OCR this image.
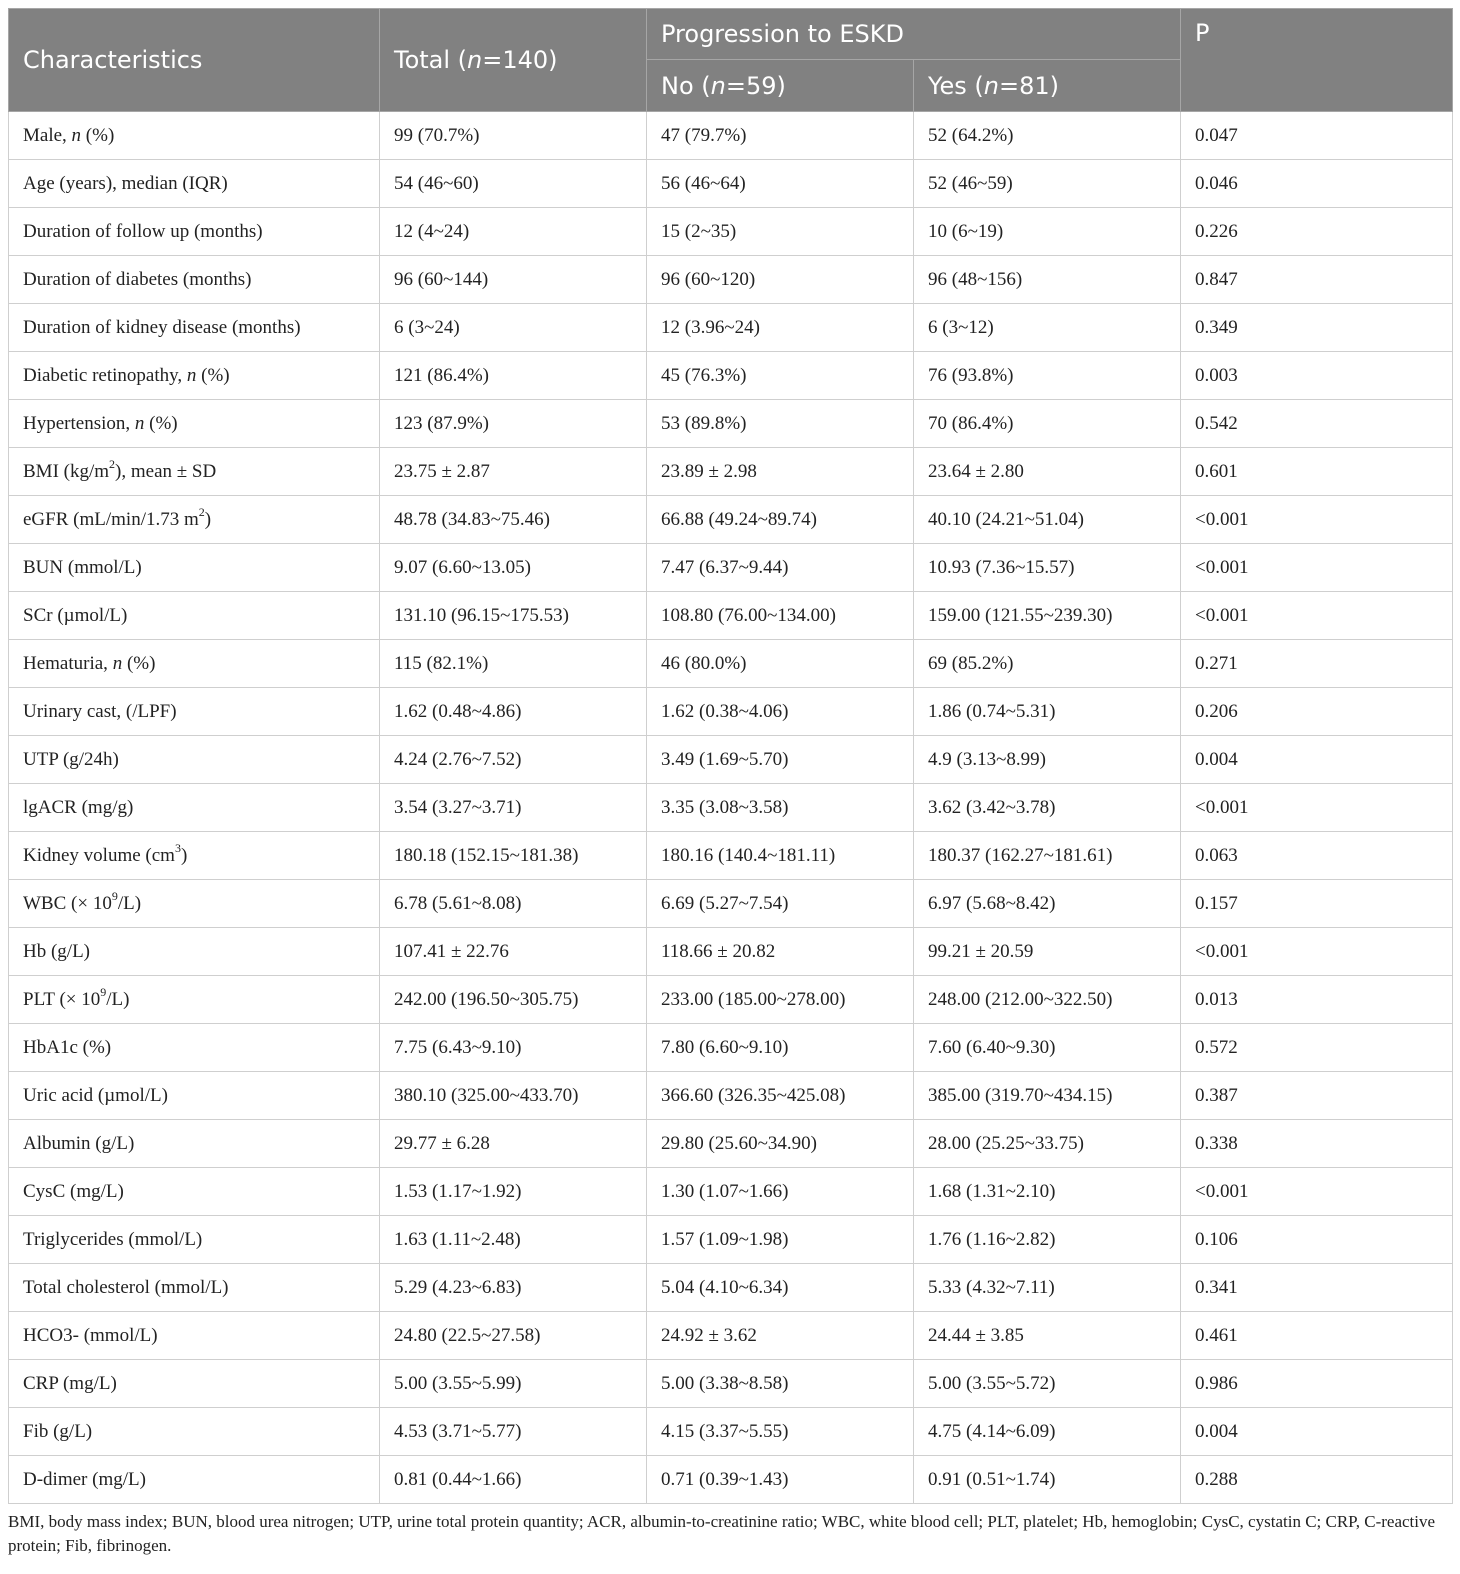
Characteristics	Total (n=140)	Progression to ESKD		P
		No (n=59)	Yes (n=81)	
Male, n (%)	99 (70.7%)	47 (79.7%)	52 (64.2%)	0.047
Age (years), median (IQR)	54 (46~60)	56 (46~64)	52 (46~59)	0.046
Duration of follow up (months)	12 (4~24)	15 (2~35)	10 (6~19)	0.226
Duration of diabetes (months)	96 (60~144)	96 (60~120)	96 (48~156)	0.847
Duration of kidney disease (months)	6 (3~24)	12 (3.96~24)	6 (3~12)	0.349
Diabetic retinopathy, n (%)	121 (86.4%)	45 (76.3%)	76 (93.8%)	0.003
Hypertension, n (%)	123 (87.9%)	53 (89.8%)	70 (86.4%)	0.542
BMI $(kg/m^2)$, mean ± SD	23.75 ± 2.87	23.89 ± 2.98	23.64 ± 2.80	0.601
eGFR (mL/min/1.73 $m^2$)	48.78 (34.83~75.46)	66.88 (49.24~89.74)	40.10 (24.21~51.04)	<0.001
BUN (mmol/L)	9.07 (6.60~13.05)	7.47 (6.37~9.44)	10.93 (7.36~15.57)	<0.001
SCr (µmol/L)	131.10 (96.15~175.53)	108.80 (76.00~134.00)	159.00 (121.55~239.30)	<0.001
Hematuria, n (%)	115 (82.1%)	46 (80.0%)	69 (85.2%)	0.271
Urinary cast, (/LPF)	1.62 (0.48~4.86)	1.62 (0.38~4.06)	1.86 (0.74~5.31)	0.206
UTP (g/24h)	4.24 (2.76~7.52)	3.49 (1.69~5.70)	4.9 (3.13~8.99)	0.004
lgACR (mg/g)	3.54 (3.27~3.71)	3.35 (3.08~3.58)	3.62 (3.42~3.78)	<0.001
Kidney volume $(cm^3)$	180.18 (152.15~181.38)	180.16 (140.4~181.11)	180.37 (162.27~181.61)	0.063
WBC (× $10^9/L$)	6.78 (5.61~8.08)	6.69 (5.27~7.54)	6.97 (5.68~8.42)	0.157
Hb (g/L)	107.41 ± 22.76	118.66 ± 20.82	99.21 ± 20.59	<0.001
PLT (× $10^9/L$)	242.00 (196.50~305.75)	233.00 (185.00~278.00)	248.00 (212.00~322.50)	0.013
HbA1c (%)	7.75 (6.43~9.10)	7.80 (6.60~9.10)	7.60 (6.40~9.30)	0.572
Uric acid (µmol/L)	380.10 (325.00~433.70)	366.60 (326.35~425.08)	385.00 (319.70~434.15)	0.387
Albumin (g/L)	29.77 ± 6.28	29.80 (25.60~34.90)	28.00 (25.25~33.75)	0.338
CysC (mg/L)	1.53 (1.17~1.92)	1.30 (1.07~1.66)	1.68 (1.31~2.10)	<0.001
Triglycerides (mmol/L)	1.63 (1.11~2.48)	1.57 (1.09~1.98)	1.76 (1.16~2.82)	0.106
Total cholesterol (mmol/L)	5.29 (4.23~6.83)	5.04 (4.10~6.34)	5.33 (4.32~7.11)	0.341
HCO3- (mmol/L)	24.80 (22.5~27.58)	24.92 ± 3.62	24.44 ± 3.85	0.461
CRP (mg/L)	5.00 (3.55~5.99)	5.00 (3.38~8.58)	5.00 (3.55~5.72)	0.986
Fib (g/L)	4.53 (3.71~5.77)	4.15 (3.37~5.55)	4.75 (4.14~6.09)	0.004
D-dimer (mg/L)	0.81 (0.44~1.66)	0.71 (0.39~1.43)	0.91 (0.51~1.74)	0.288
BMI, body mass index; BUN, blood urea nitrogen; UTP, urine total protein quantity; ACR, albumin-to-creatinine ratio; WBC, white blood cell; PLT, platelet; Hb, hemoglobin; CysC, cystatin C; CRP, C-reactive protein; Fib, fibrinogen.
